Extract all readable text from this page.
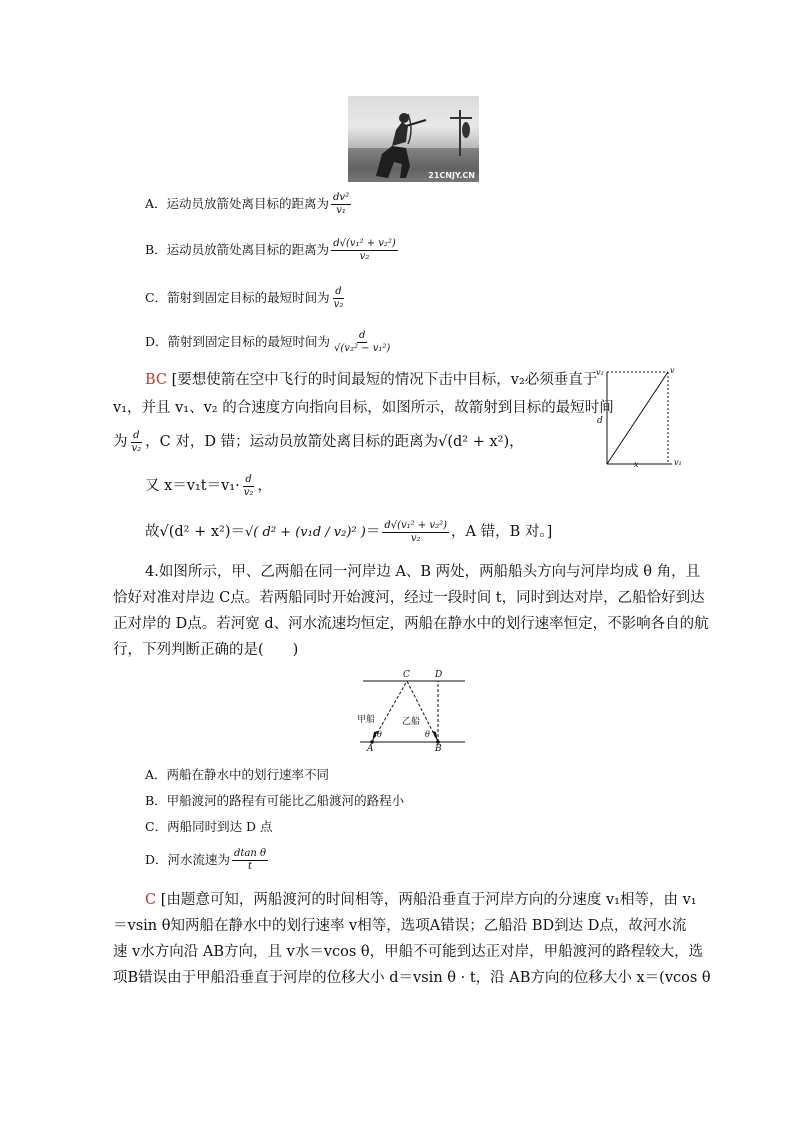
21CNJY.CN
A．运动员放箭处离目标的距离为 $\frac{\text{dv²}}{\text{v₁}}$
B．运动员放箭处离目标的距离为 $\frac{\text{d√(v₁² + v₂²)}}{\text{v₂}}$
C．箭射到固定目标的最短时间为 $\frac{d}{\text{v₂}}$
D．箭射到固定目标的最短时间为 $\frac{d}{\text{√(v₂² − v₁²)}}$
BC [要想使箭在空中飞行的时间最短的情况下击中目标，v₂必须垂直于
v₁，并且 v₁、v₂ 的合速度方向指向目标，如图所示，故箭射到目标的最短时间
为 $\frac{d}{\text{v₂}}$ ，C 对，D 错；运动员放箭处离目标的距离为√(d² + x²)，
又 $x=v_1t=v_1\cdot \frac{d}{\text{v₂}}$ ，
故√(d² + x²)＝√( d² + (v₁d / v₂)² )＝ $\frac{\text{d√(v₁² + v₂²)}}{\text{v₂}}$ ，A 错，B 对。]
v₂	v
d
x	v₁
4.如图所示，甲、乙两船在同一河岸边 A、B 两处，两船船头方向与河岸均成 θ 角，且
恰好对准对岸边 C点。若两船同时开始渡河，经过一段时间 t，同时到达对岸，乙船恰好到达
正对岸的 D点。若河宽 d、河水流速均恒定，两船在静水中的划行速率恒定，不影响各自的航
行，下列判断正确的是(　　)
C	D
甲船	乙船
θ	θ
A	B
A．两船在静水中的划行速率不同
B．甲船渡河的路程有可能比乙船渡河的路程小
C．两船同时到达 D 点
D．河水流速为 $\frac{\text{dtan θ}}{t}$
C [由题意可知，两船渡河的时间相等，两船沿垂直于河岸方向的分速度 v₁相等，由 v₁
＝vsin θ知两船在静水中的划行速率 v相等，选项A错误；乙船沿 BD到达 D点，故河水流
速 v水方向沿 AB方向，且 v水＝vcos θ，甲船不可能到达正对岸，甲船渡河的路程较大，选
项B错误由于甲船沿垂直于河岸的位移大小 d＝vsin θ · t，沿 AB方向的位移大小 x＝(vcos θ
